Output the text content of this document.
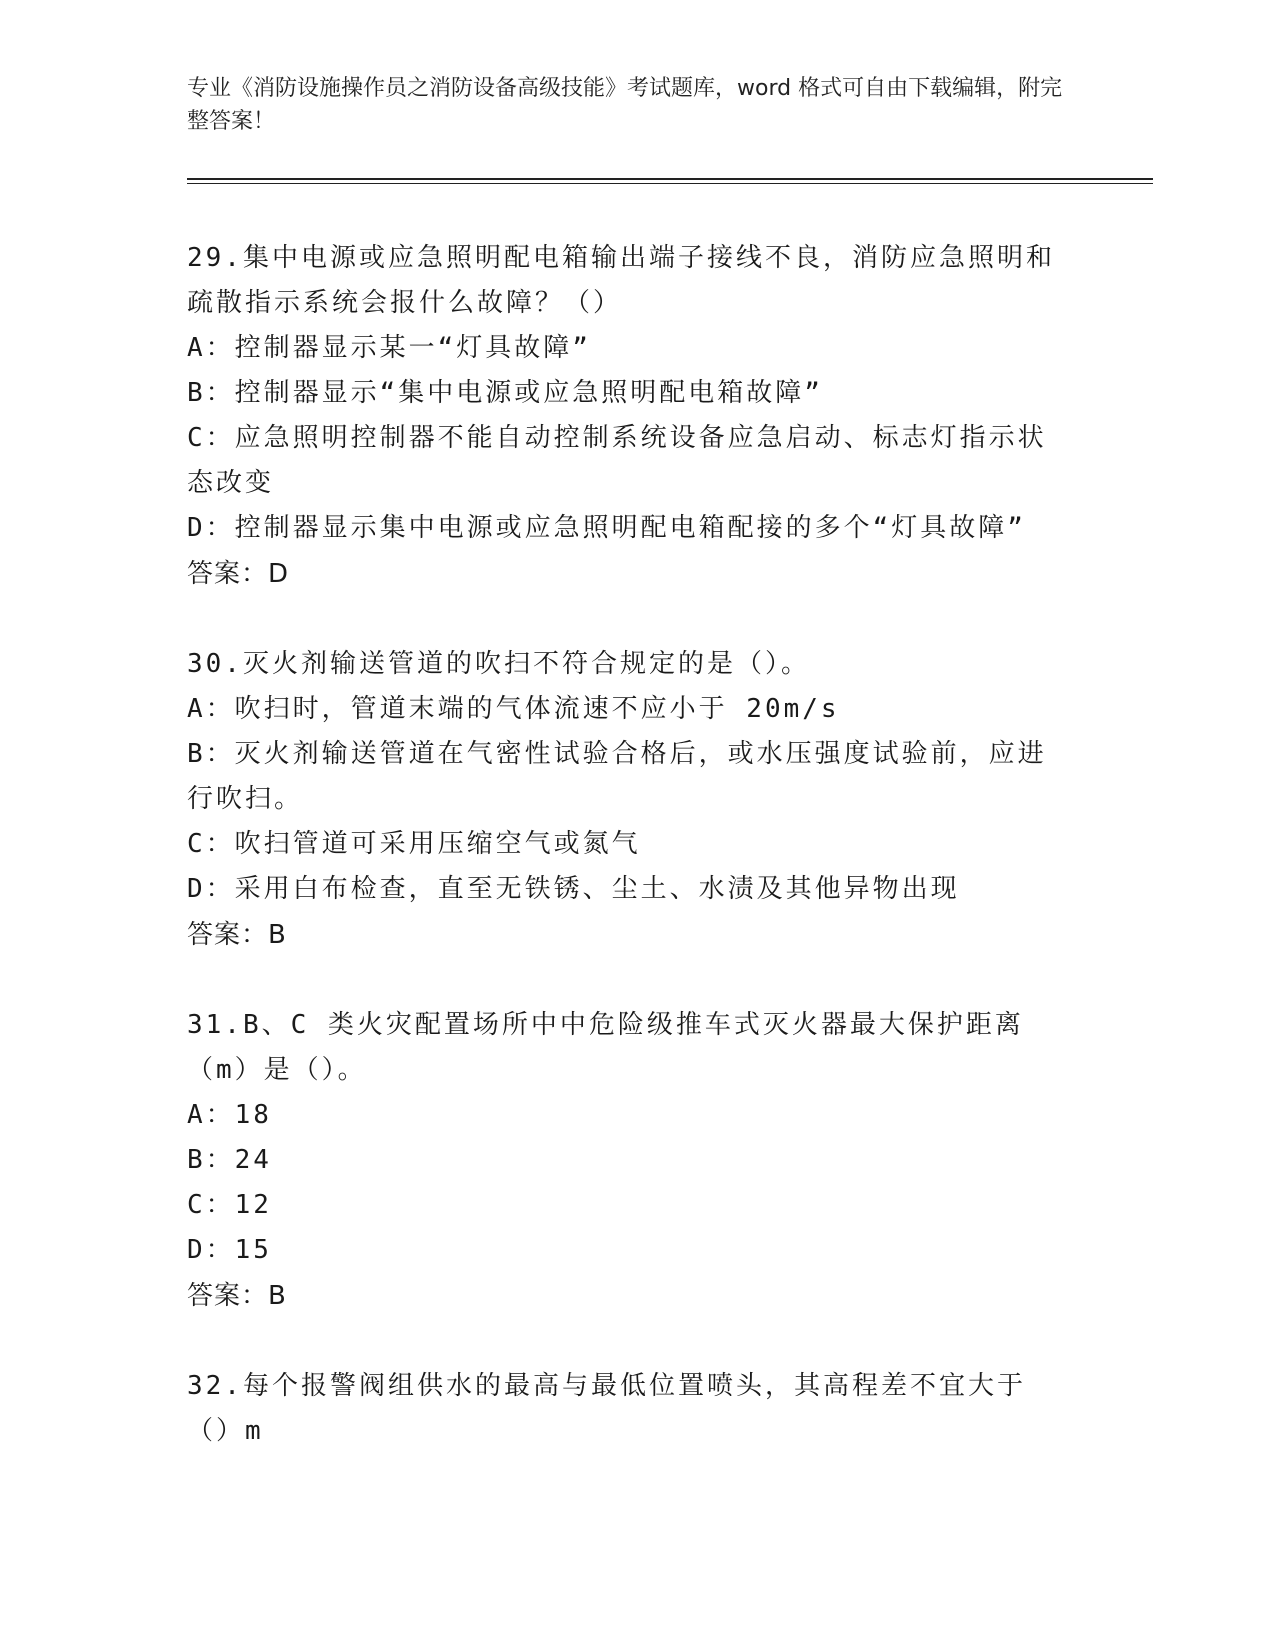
专业《消防设施操作员之消防设备高级技能》考试题库，word 格式可自由下载编辑，附完整答案！

29.集中电源或应急照明配电箱输出端子接线不良，消防应急照明和疏散指示系统会报什么故障？（）

A：控制器显示某一“灯具故障”

B：控制器显示“集中电源或应急照明配电箱故障”

C：应急照明控制器不能自动控制系统设备应急启动、标志灯指示状态改变

D：控制器显示集中电源或应急照明配电箱配接的多个“灯具故障”

答案：D

30.灭火剂输送管道的吹扫不符合规定的是（）。

A：吹扫时，管道末端的气体流速不应小于 20m/s

B：灭火剂输送管道在气密性试验合格后，或水压强度试验前，应进行吹扫。

C：吹扫管道可采用压缩空气或氮气

D：采用白布检查，直至无铁锈、尘土、水渍及其他异物出现

答案：B

31.B、C 类火灾配置场所中中危险级推车式灭火器最大保护距离（m）是（）。

A：18

B：24

C：12

D：15

答案：B

32.每个报警阀组供水的最高与最低位置喷头，其高程差不宜大于（）m
